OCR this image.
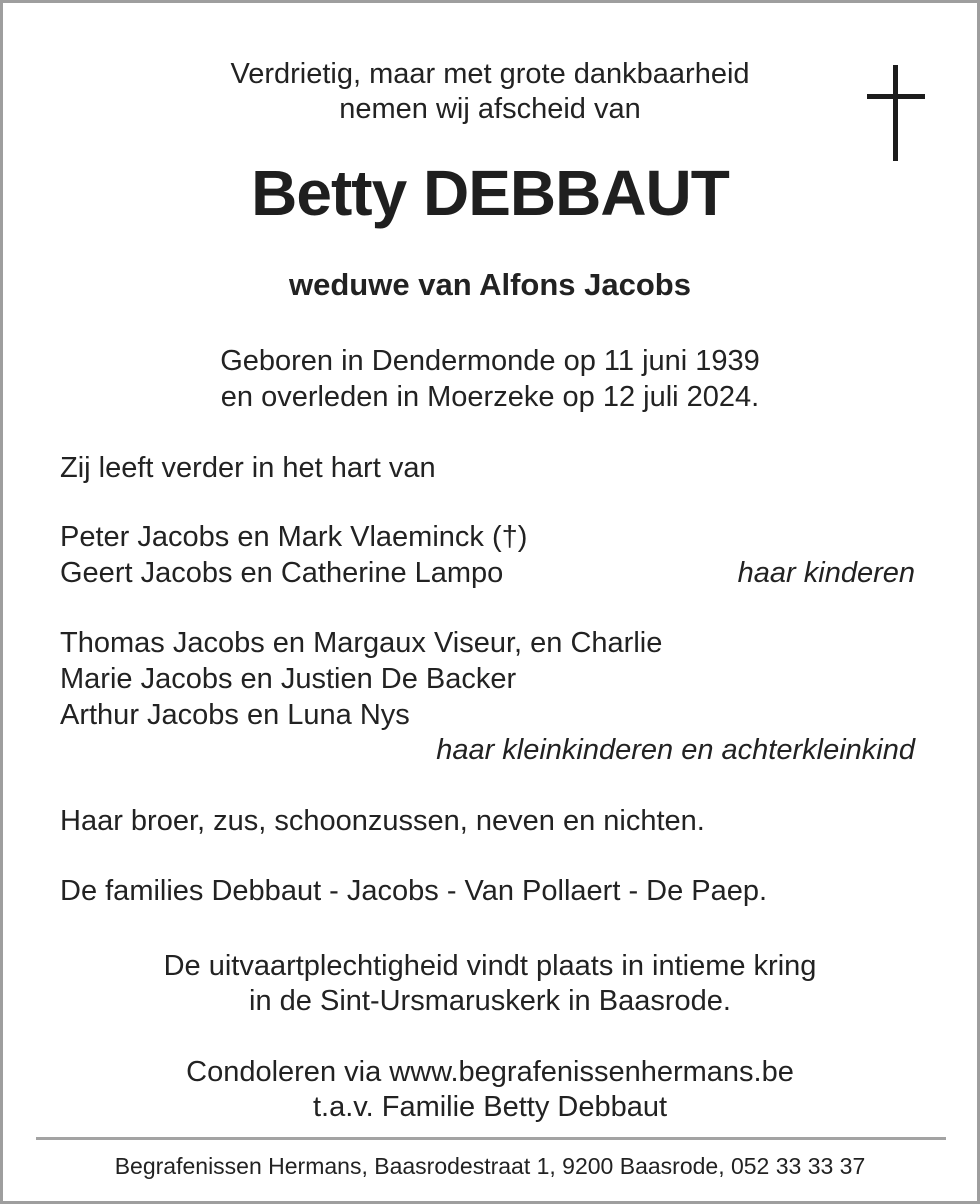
Verdrietig, maar met grote dankbaarheid

nemen wij afscheid van

Betty DEBBAUT

weduwe van Alfons Jacobs

Geboren in Dendermonde op 11 juni 1939

en overleden in Moerzeke op 12 juli 2024.

Zij leeft verder in het hart van

Peter Jacobs en Mark Vlaeminck (†)

Geert Jacobs en Catherine Lampo	haar kinderen

Thomas Jacobs en Margaux Viseur, en Charlie

Marie Jacobs en Justien De Backer

Arthur Jacobs en Luna Nys

haar kleinkinderen en achterkleinkind

Haar broer, zus, schoonzussen, neven en nichten.

De families Debbaut - Jacobs - Van Pollaert - De Paep.

De uitvaartplechtigheid vindt plaats in intieme kring

in de Sint-Ursmaruskerk in Baasrode.

Condoleren via www.begrafenissenhermans.be

t.a.v. Familie Betty Debbaut

Begrafenissen Hermans, Baasrodestraat 1, 9200 Baasrode, 052 33 33 37
